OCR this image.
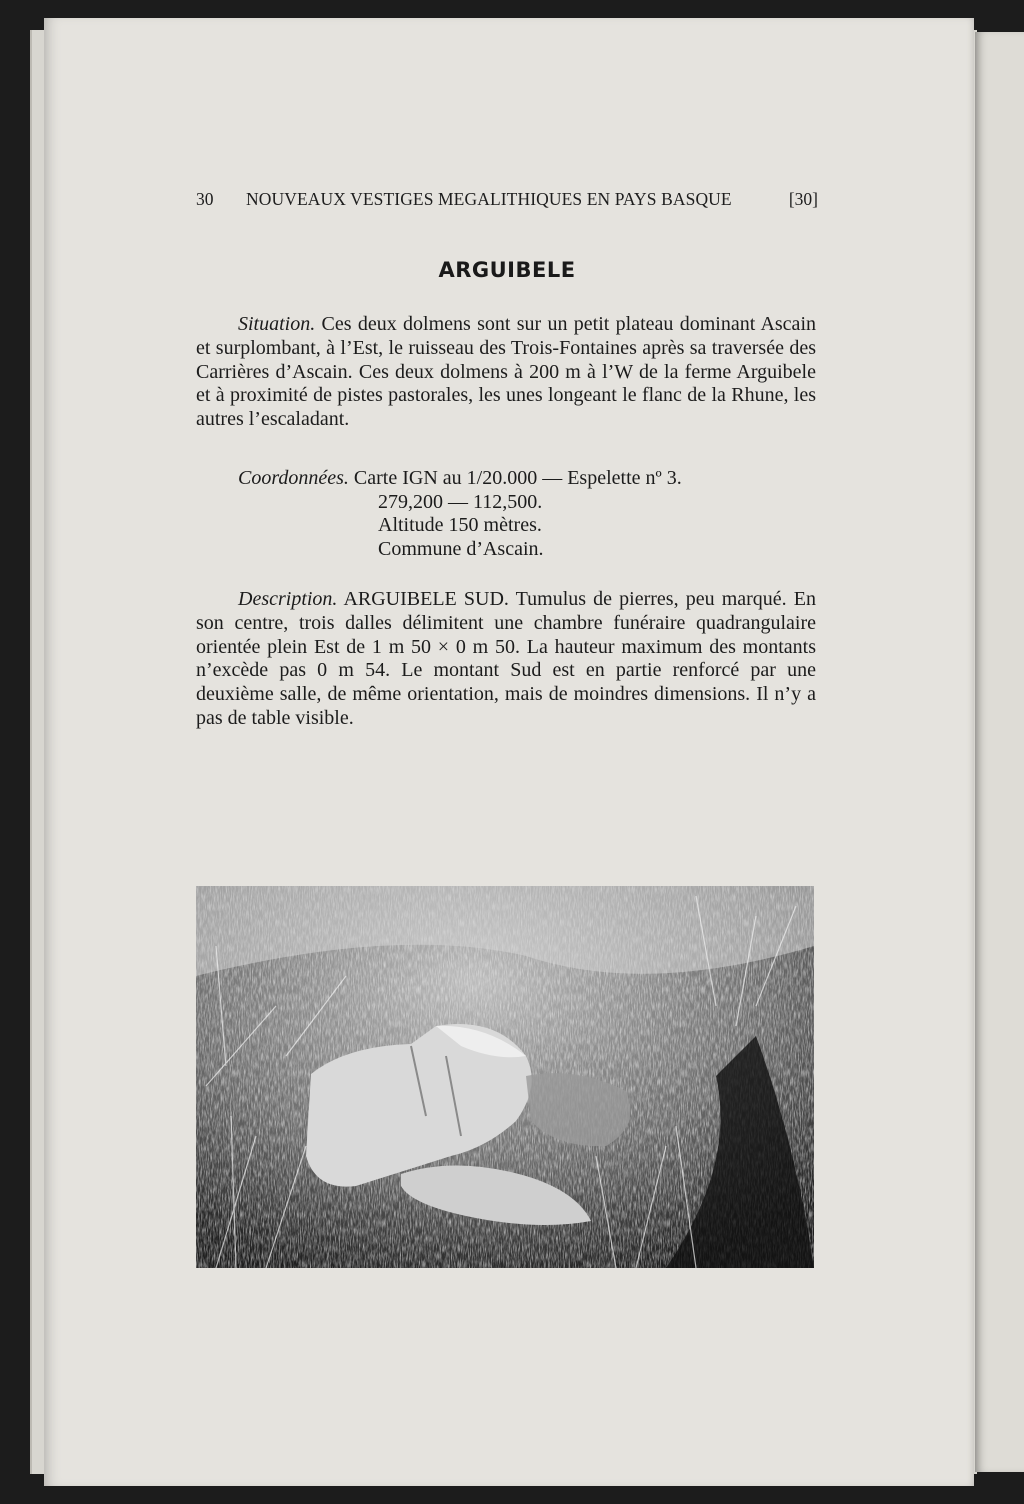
30 NOUVEAUX VESTIGES MEGALITHIQUES EN PAYS BASQUE	[30]
ARGUIBELE
Situation. Ces deux dolmens sont sur un petit plateau dominant Ascain et surplombant, à l’Est, le ruisseau des Trois-Fontaines après sa traversée des Carrières d’Ascain. Ces deux dolmens à 200 m à l’W de la ferme Arguibele et à proximité de pistes pastorales, les unes longeant le flanc de la Rhune, les autres l’escaladant.
Coordonnées. Carte IGN au 1/20.000 — Espelette nº 3.
279,200 — 112,500.
Altitude 150 mètres.
Commune d’Ascain.
Description. ARGUIBELE SUD. Tumulus de pierres, peu marqué. En son centre, trois dalles délimitent une chambre funéraire quadrangulaire orientée plein Est de 1 m 50 × 0 m 50. La hauteur maximum des montants n’excède pas 0 m 54. Le montant Sud est en partie renforcé par une deuxième salle, de même orientation, mais de moindres dimensions. Il n’y a pas de table visible.
